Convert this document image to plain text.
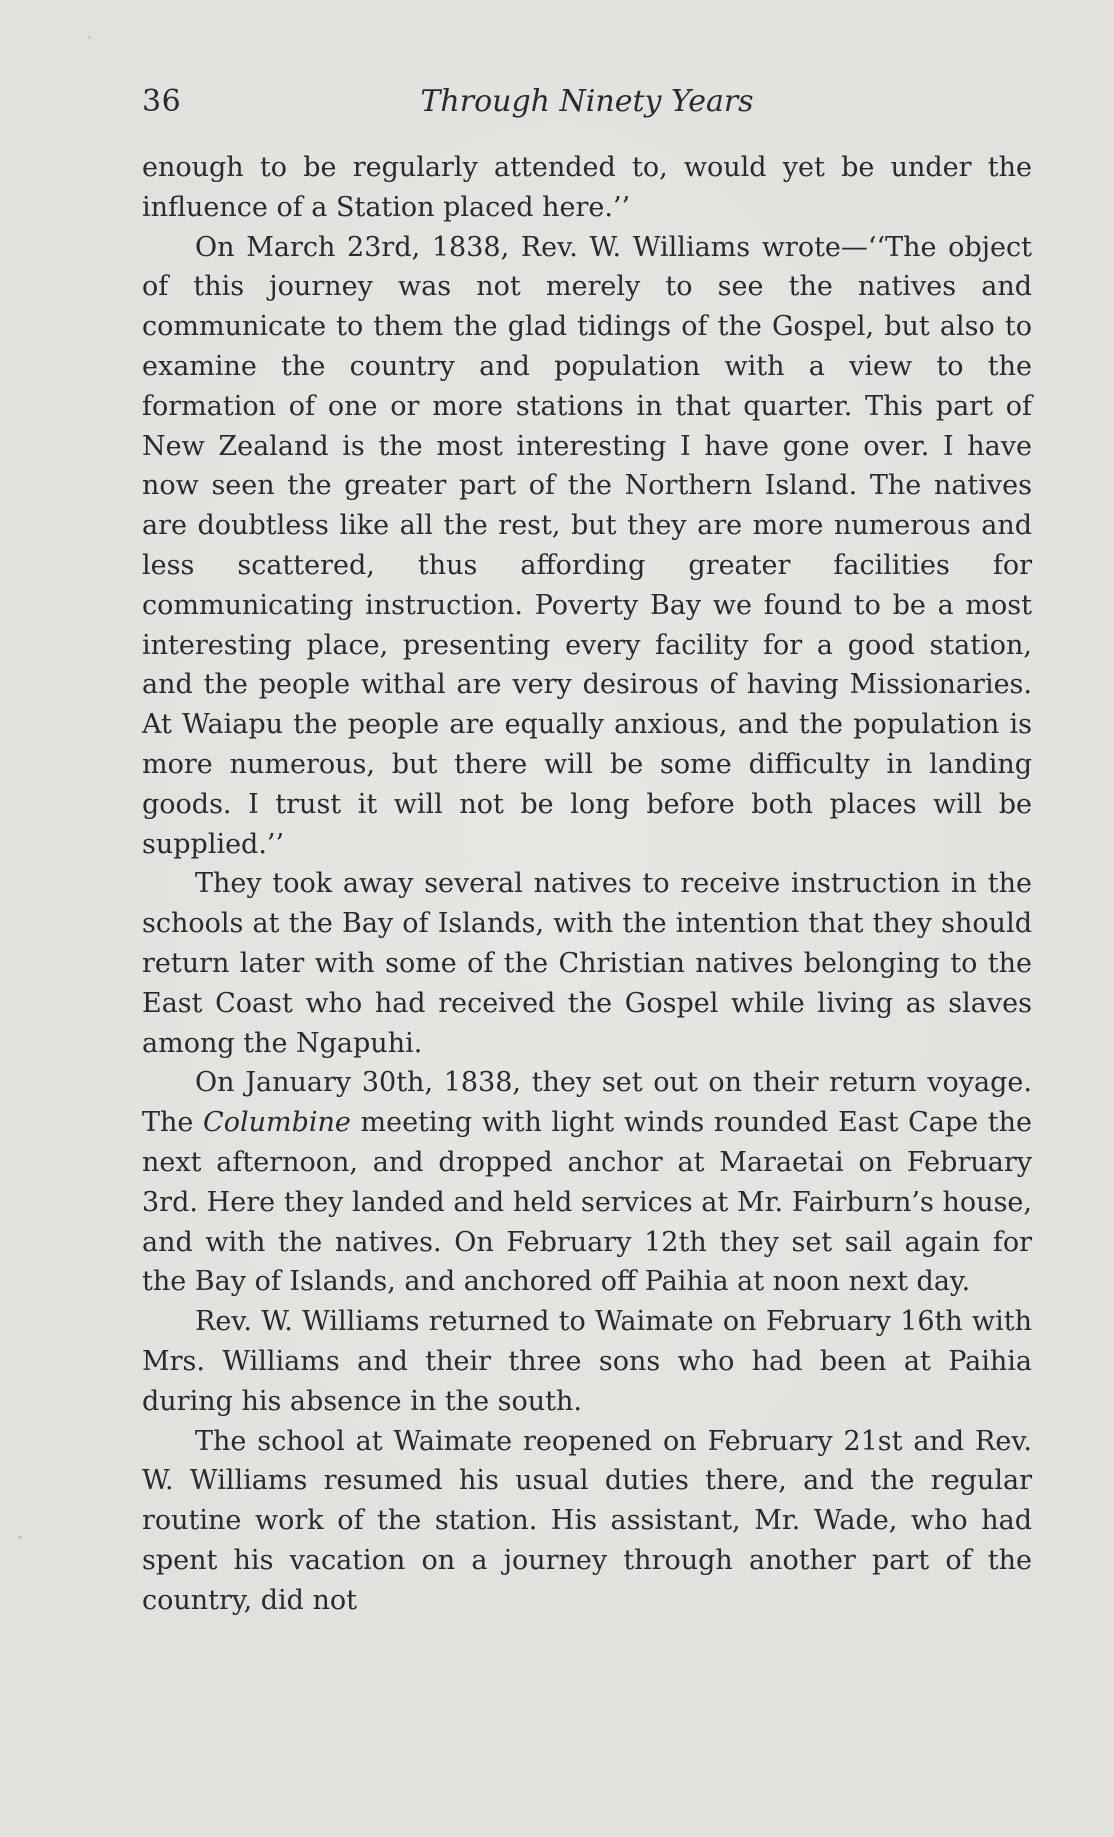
36	Through Ninety Years

enough to be regularly attended to, would yet be under the influence of a Station placed here.’’

On March 23rd, 1838, Rev. W. Williams wrote—‘‘The object of this journey was not merely to see the natives and communicate to them the glad tidings of the Gospel, but also to examine the country and population with a view to the formation of one or more stations in that quarter. This part of New Zealand is the most interesting I have gone over. I have now seen the greater part of the Northern Island. The natives are doubtless like all the rest, but they are more numerous and less scattered, thus affording greater facilities for communicating instruction. Poverty Bay we found to be a most interesting place, presenting every facility for a good station, and the people withal are very desirous of having Missionaries. At Waiapu the people are equally anxious, and the population is more numerous, but there will be some difficulty in landing goods. I trust it will not be long before both places will be supplied.’’

They took away several natives to receive instruction in the schools at the Bay of Islands, with the intention that they should return later with some of the Christian natives belonging to the East Coast who had received the Gospel while living as slaves among the Ngapuhi.

On January 30th, 1838, they set out on their return voyage. The Columbine meeting with light winds rounded East Cape the next afternoon, and dropped anchor at Maraetai on February 3rd. Here they landed and held services at Mr. Fairburn’s house, and with the natives. On February 12th they set sail again for the Bay of Islands, and anchored off Paihia at noon next day.

Rev. W. Williams returned to Waimate on February 16th with Mrs. Williams and their three sons who had been at Paihia during his absence in the south.

The school at Waimate reopened on February 21st and Rev. W. Williams resumed his usual duties there, and the regular routine work of the station. His assistant, Mr. Wade, who had spent his vacation on a journey through another part of the country, did not
